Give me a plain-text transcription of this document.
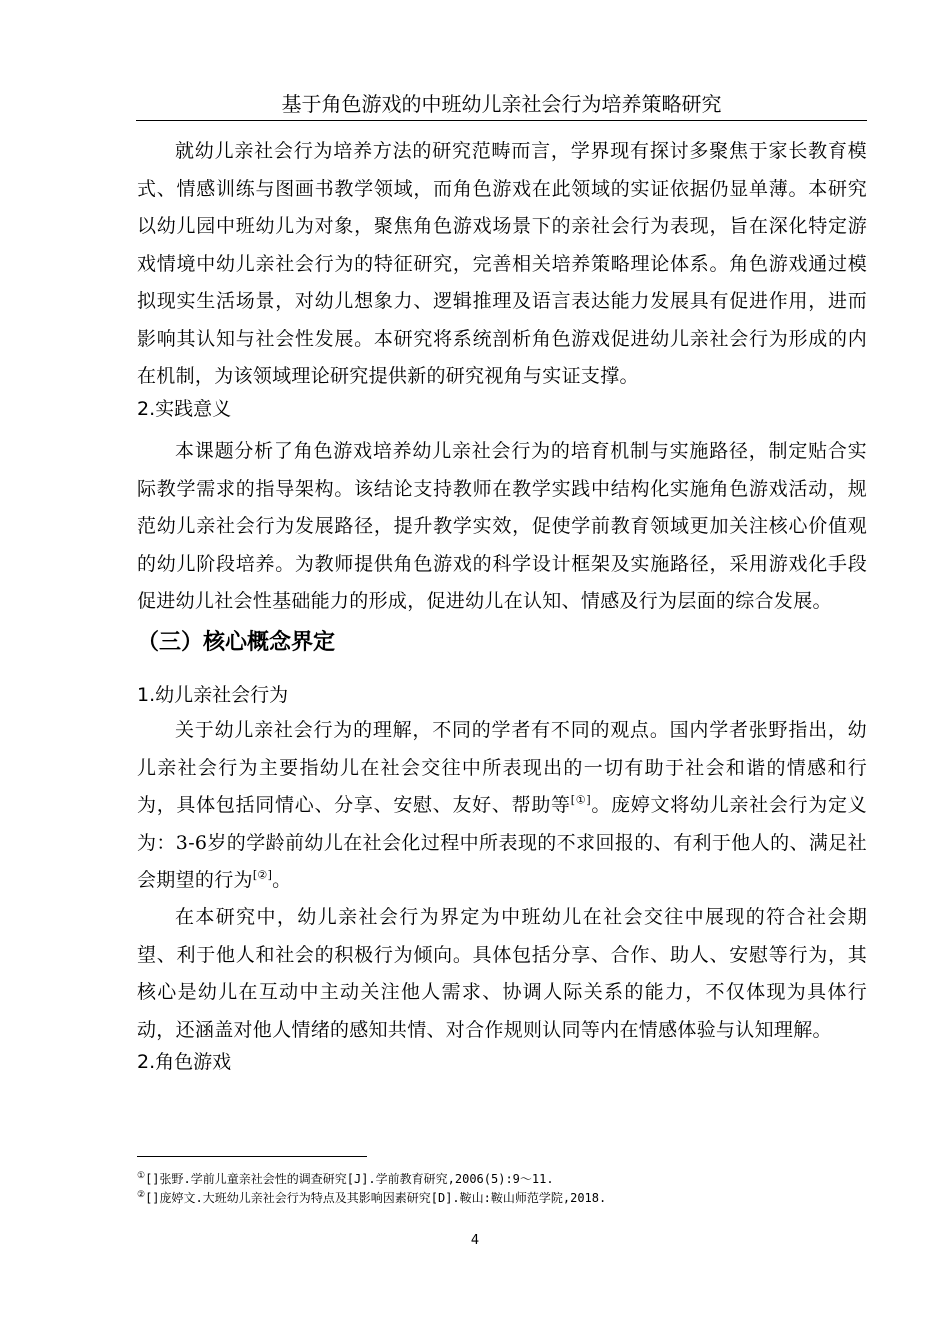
基于角色游戏的中班幼儿亲社会行为培养策略研究
就幼儿亲社会行为培养方法的研究范畴而言，学界现有探讨多聚焦于家长教育模式、情感训练与图画书教学领域，而角色游戏在此领域的实证依据仍显单薄。本研究以幼儿园中班幼儿为对象，聚焦角色游戏场景下的亲社会行为表现，旨在深化特定游戏情境中幼儿亲社会行为的特征研究，完善相关培养策略理论体系。角色游戏通过模拟现实生活场景，对幼儿想象力、逻辑推理及语言表达能力发展具有促进作用，进而影响其认知与社会性发展。本研究将系统剖析角色游戏促进幼儿亲社会行为形成的内在机制，为该领域理论研究提供新的研究视角与实证支撑。
2.实践意义
本课题分析了角色游戏培养幼儿亲社会行为的培育机制与实施路径，制定贴合实际教学需求的指导架构。该结论支持教师在教学实践中结构化实施角色游戏活动，规范幼儿亲社会行为发展路径，提升教学实效，促使学前教育领域更加关注核心价值观的幼儿阶段培养。为教师提供角色游戏的科学设计框架及实施路径，采用游戏化手段促进幼儿社会性基础能力的形成，促进幼儿在认知、情感及行为层面的综合发展。
（三）核心概念界定
1.幼儿亲社会行为
关于幼儿亲社会行为的理解，不同的学者有不同的观点。国内学者张野指出，幼儿亲社会行为主要指幼儿在社会交往中所表现出的一切有助于社会和谐的情感和行为，具体包括同情心、分享、安慰、友好、帮助等[①]。庞婷文将幼儿亲社会行为定义为：3-6岁的学龄前幼儿在社会化过程中所表现的不求回报的、有利于他人的、满足社会期望的行为[②]。
在本研究中，幼儿亲社会行为界定为中班幼儿在社会交往中展现的符合社会期望、利于他人和社会的积极行为倾向。具体包括分享、合作、助人、安慰等行为，其核心是幼儿在互动中主动关注他人需求、协调人际关系的能力，不仅体现为具体行动，还涵盖对他人情绪的感知共情、对合作规则认同等内在情感体验与认知理解。
2.角色游戏
①[]张野.学前儿童亲社会性的调查研究[J].学前教育研究,2006(5):9～11.
②[]庞婷文.大班幼儿亲社会行为特点及其影响因素研究[D].鞍山:鞍山师范学院,2018.
4
